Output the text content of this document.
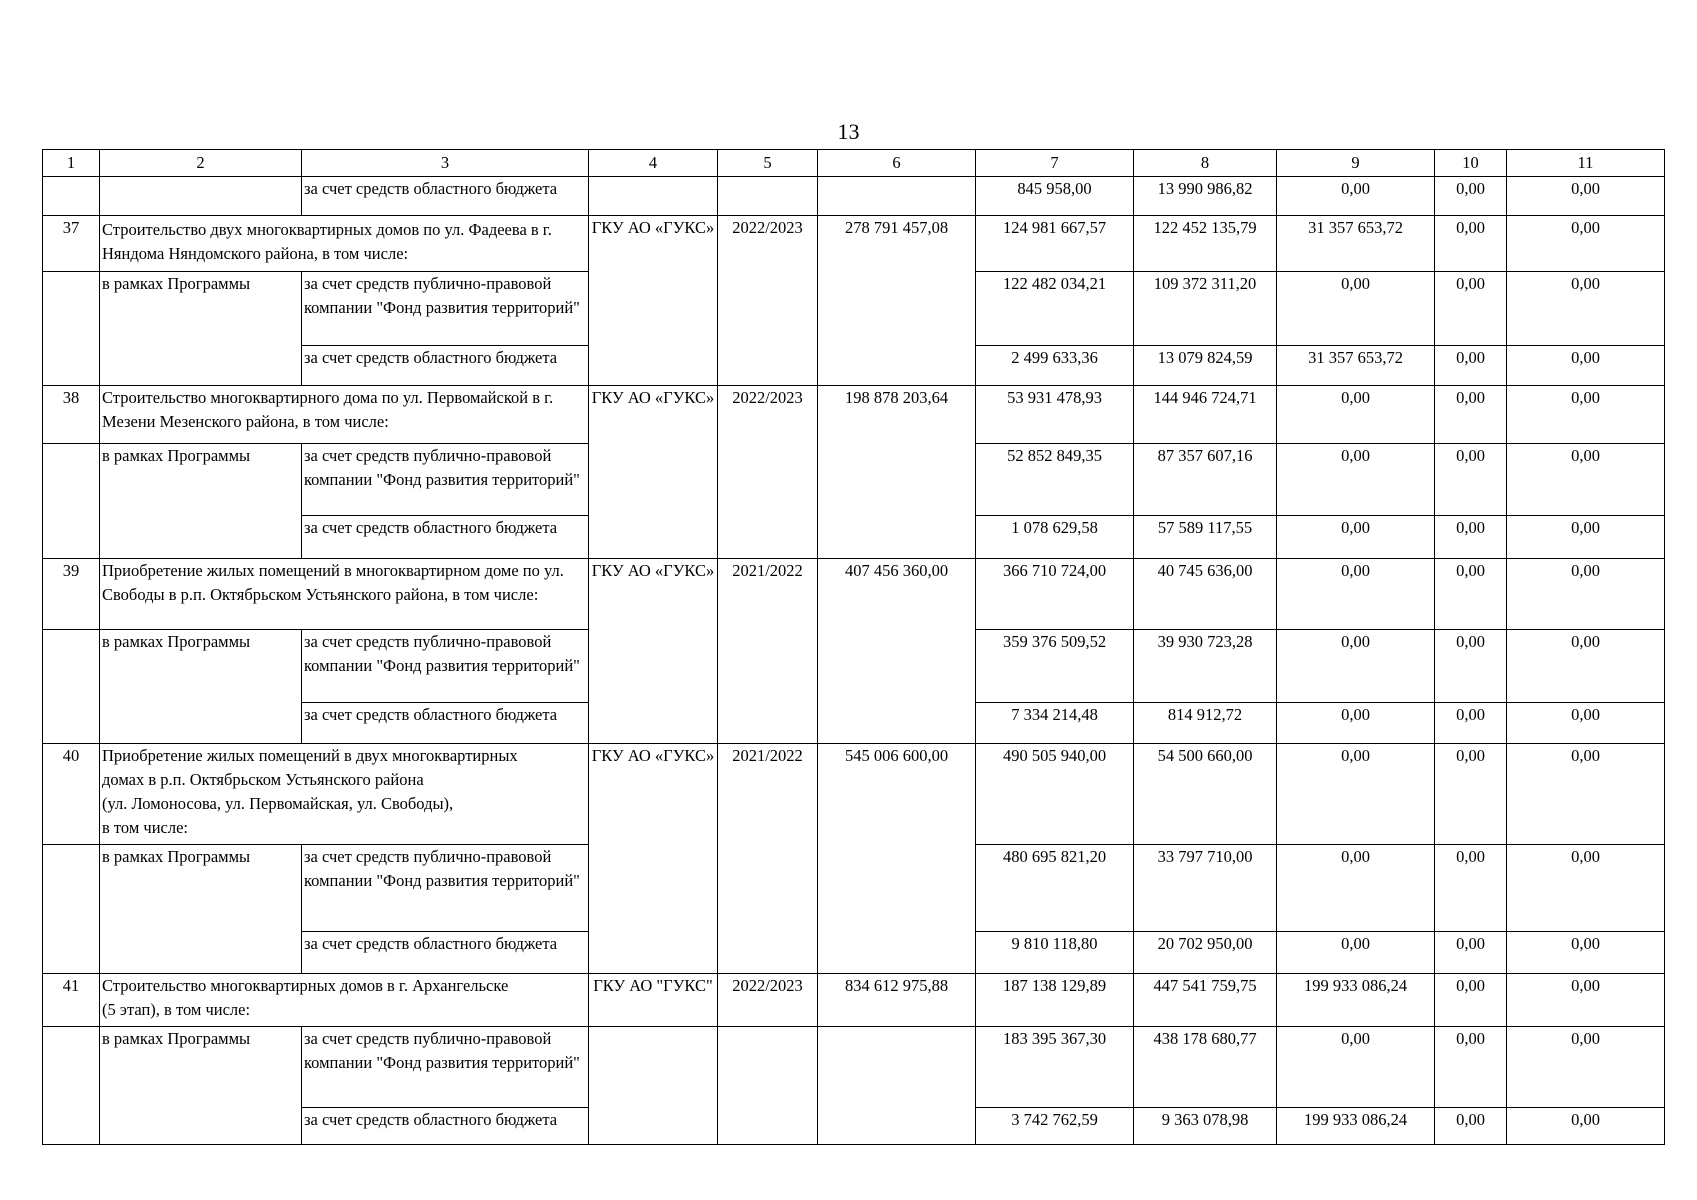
13
1	2	3	4	5	6	7	8	9	10	11
		за счет средств областного бюджета				845 958,00	13 990 986,82	0,00	0,00	0,00
37	Строительство двух многоквартирных домов по ул. Фадеева в г. Няндома Няндомского района, в том числе:		ГКУ АО «ГУКС»	2022/2023	278 791 457,08	124 981 667,57	122 452 135,79	31 357 653,72	0,00	0,00
	в рамках Программы	за счет средств публично-правовой компании "Фонд развития территорий"				122 482 034,21	109 372 311,20	0,00	0,00	0,00
		за счет средств областного бюджета				2 499 633,36	13 079 824,59	31 357 653,72	0,00	0,00
38	Строительство многоквартирного дома по ул. Первомайской в г. Мезени Мезенского района, в том числе:		ГКУ АО «ГУКС»	2022/2023	198 878 203,64	53 931 478,93	144 946 724,71	0,00	0,00	0,00
	в рамках Программы	за счет средств публично-правовой компании "Фонд развития территорий"				52 852 849,35	87 357 607,16	0,00	0,00	0,00
		за счет средств областного бюджета				1 078 629,58	57 589 117,55	0,00	0,00	0,00
39	Приобретение жилых помещений в многоквартирном доме по ул. Свободы в р.п. Октябрьском Устьянского района, в том числе:		ГКУ АО «ГУКС»	2021/2022	407 456 360,00	366 710 724,00	40 745 636,00	0,00	0,00	0,00
	в рамках Программы	за счет средств публично-правовой компании "Фонд развития территорий"				359 376 509,52	39 930 723,28	0,00	0,00	0,00
		за счет средств областного бюджета				7 334 214,48	814 912,72	0,00	0,00	0,00
40	Приобретение жилых помещений в двух многоквартирных
домах в р.п. Октябрьском Устьянского района
(ул. Ломоносова, ул. Первомайская, ул. Свободы),
в том числе:		ГКУ АО «ГУКС»	2021/2022	545 006 600,00	490 505 940,00	54 500 660,00	0,00	0,00	0,00
	в рамках Программы	за счет средств публично-правовой компании "Фонд развития территорий"				480 695 821,20	33 797 710,00	0,00	0,00	0,00
		за счет средств областного бюджета				9 810 118,80	20 702 950,00	0,00	0,00	0,00
41	Строительство многоквартирных домов в г. Архангельске
(5 этап), в том числе:		ГКУ АО "ГУКС"	2022/2023	834 612 975,88	187 138 129,89	447 541 759,75	199 933 086,24	0,00	0,00
	в рамках Программы	за счет средств публично-правовой компании "Фонд развития территорий"				183 395 367,30	438 178 680,77	0,00	0,00	0,00
		за счет средств областного бюджета				3 742 762,59	9 363 078,98	199 933 086,24	0,00	0,00
